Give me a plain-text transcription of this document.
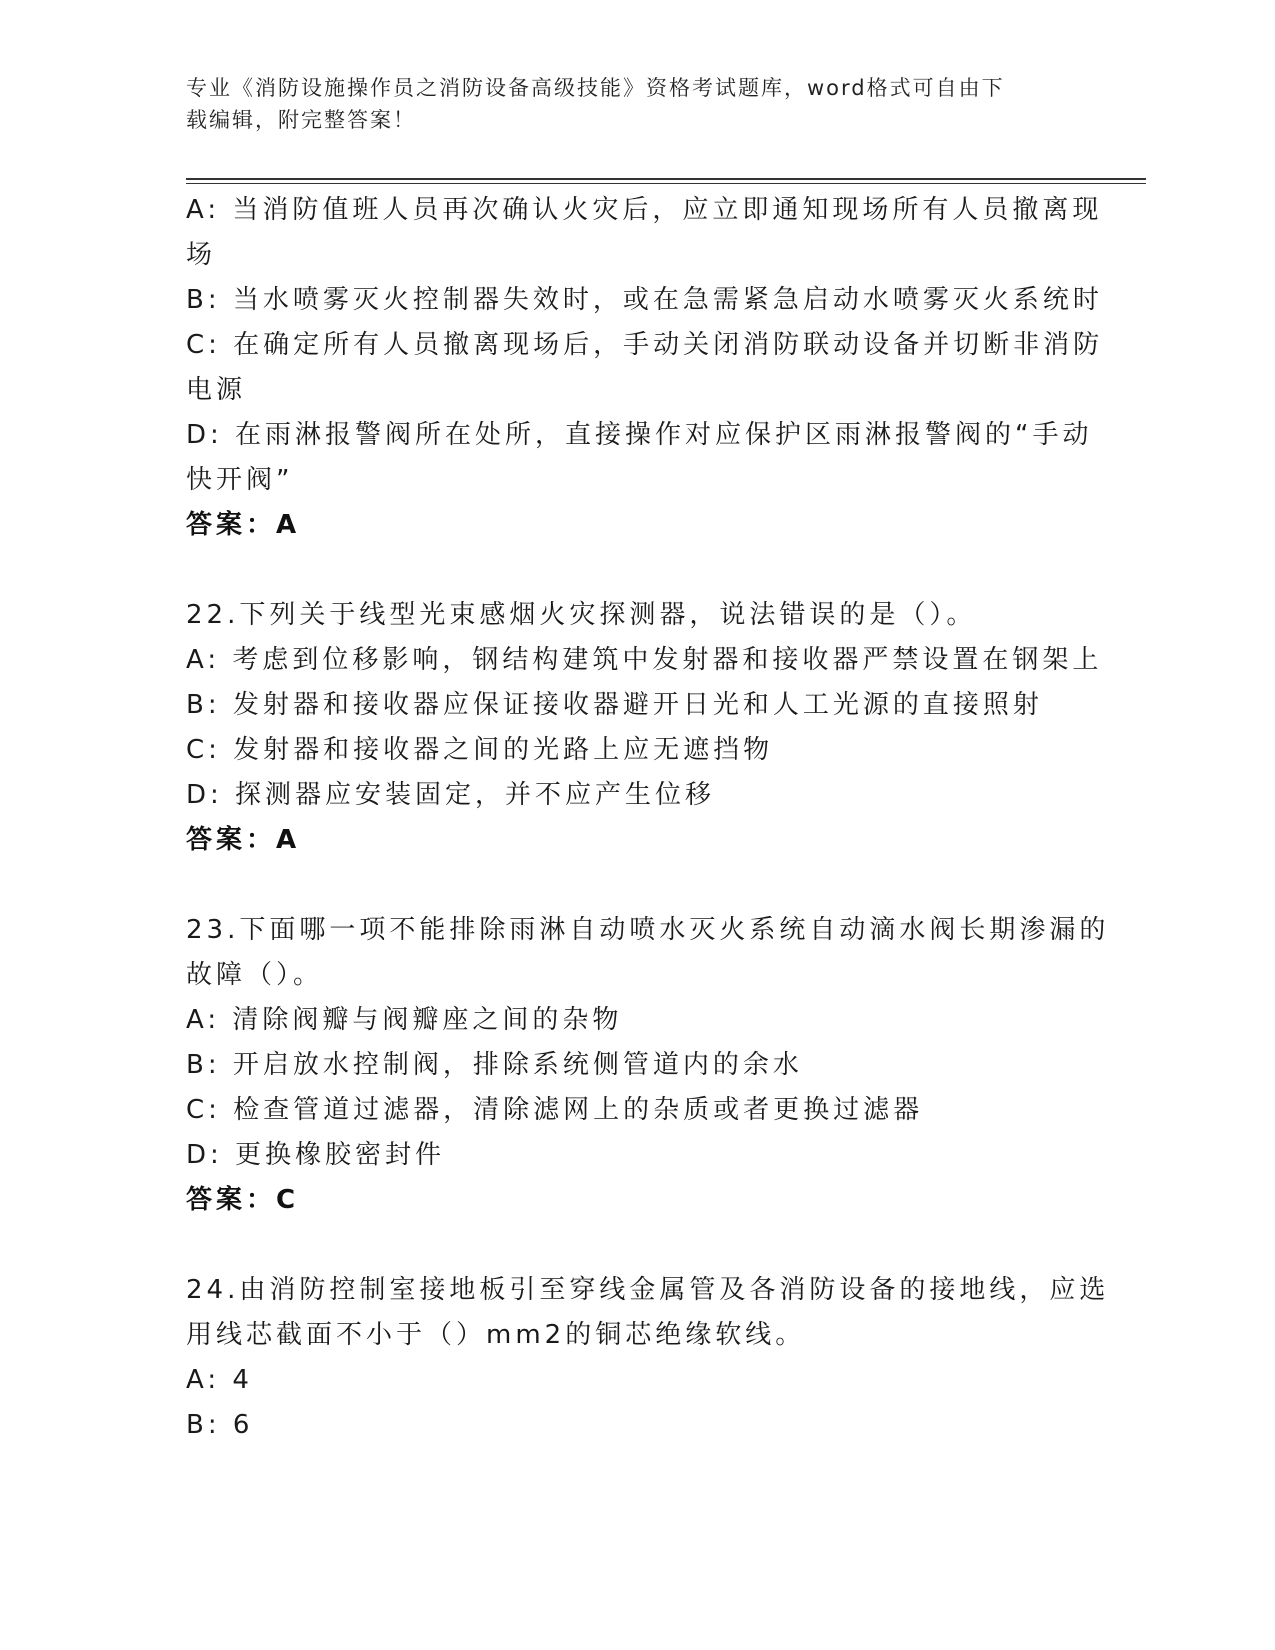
专业《消防设施操作员之消防设备高级技能》资格考试题库，word格式可自由下
载编辑，附完整答案！
A: 当消防值班人员再次确认火灾后，应立即通知现场所有人员撤离现
场
B: 当水喷雾灭火控制器失效时，或在急需紧急启动水喷雾灭火系统时
C: 在确定所有人员撤离现场后，手动关闭消防联动设备并切断非消防
电源
D: 在雨淋报警阀所在处所，直接操作对应保护区雨淋报警阀的“手动
快开阀”
答案：A
22.下列关于线型光束感烟火灾探测器，说法错误的是（）。
A: 考虑到位移影响，钢结构建筑中发射器和接收器严禁设置在钢架上
B: 发射器和接收器应保证接收器避开日光和人工光源的直接照射
C: 发射器和接收器之间的光路上应无遮挡物
D: 探测器应安装固定，并不应产生位移
答案：A
23.下面哪一项不能排除雨淋自动喷水灭火系统自动滴水阀长期渗漏的
故障（）。
A: 清除阀瓣与阀瓣座之间的杂物
B: 开启放水控制阀，排除系统侧管道内的余水
C: 检查管道过滤器，清除滤网上的杂质或者更换过滤器
D: 更换橡胶密封件
答案：C
24.由消防控制室接地板引至穿线金属管及各消防设备的接地线，应选
用线芯截面不小于（）mm2的铜芯绝缘软线。
A: 4
B: 6
